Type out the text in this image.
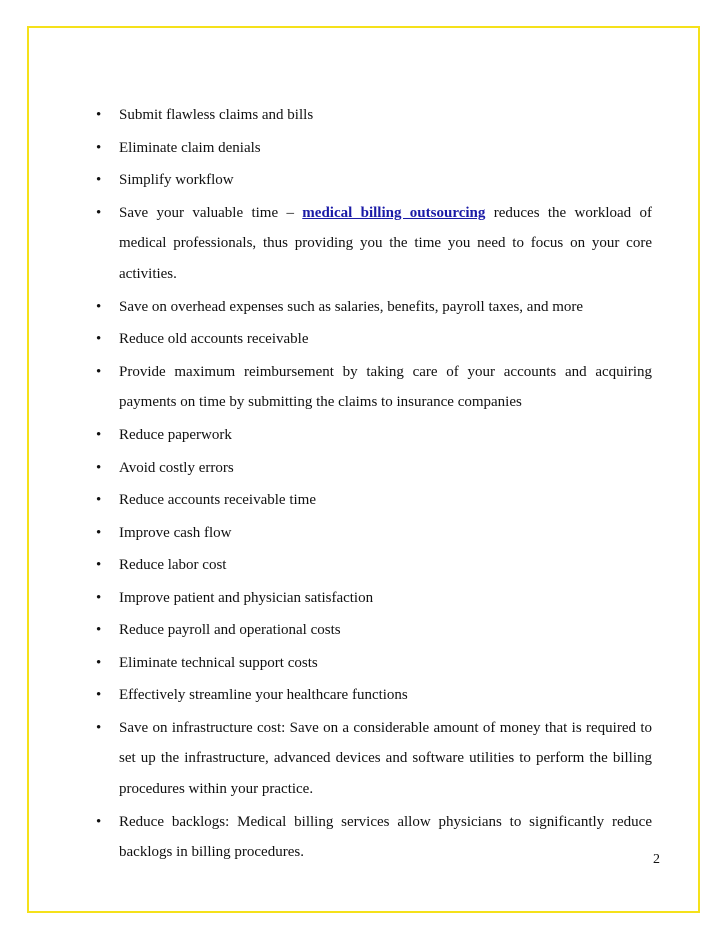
• Submit flawless claims and bills
• Eliminate claim denials
• Simplify workflow
• Save your valuable time – medical billing outsourcing reduces the workload of medical professionals, thus providing you the time you need to focus on your core activities.
• Save on overhead expenses such as salaries, benefits, payroll taxes, and more
• Reduce old accounts receivable
• Provide maximum reimbursement by taking care of your accounts and acquiring payments on time by submitting the claims to insurance companies
• Reduce paperwork
• Avoid costly errors
• Reduce accounts receivable time
• Improve cash flow
• Reduce labor cost
• Improve patient and physician satisfaction
• Reduce payroll and operational costs
• Eliminate technical support costs
• Effectively streamline your healthcare functions
• Save on infrastructure cost: Save on a considerable amount of money that is required to set up the infrastructure, advanced devices and software utilities to perform the billing procedures within your practice.
• Reduce backlogs: Medical billing services allow physicians to significantly reduce backlogs in billing procedures.	2
